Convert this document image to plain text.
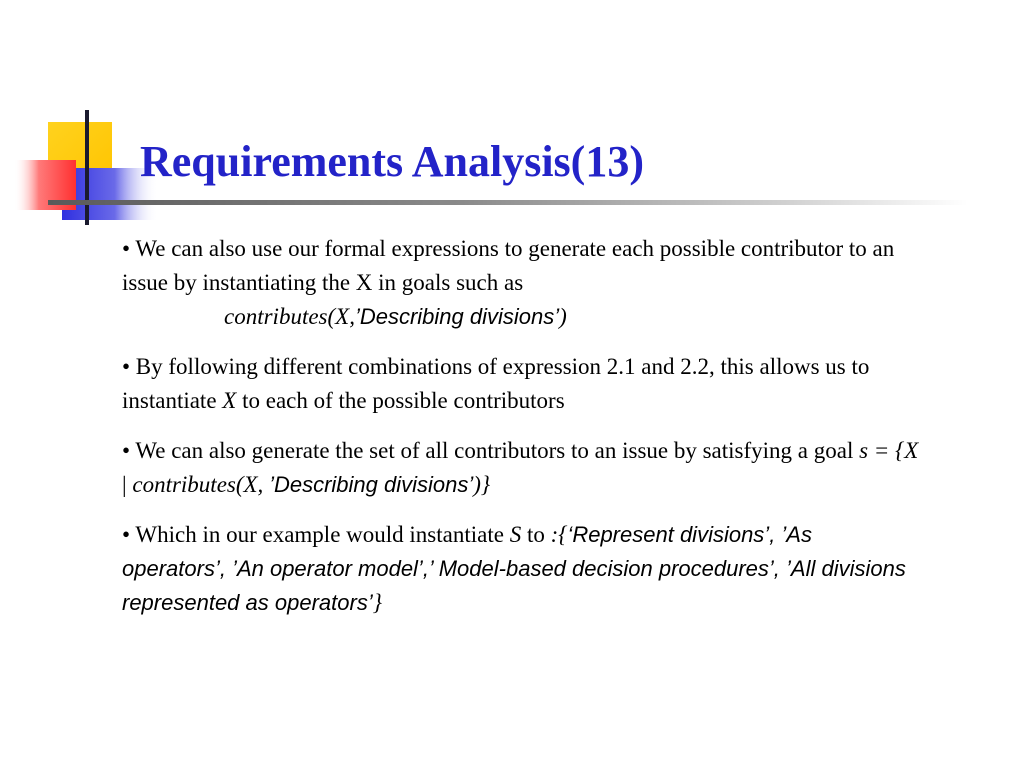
Requirements Analysis(13)

• We can also use our formal expressions to generate each possible contributor to an issue by instantiating the X in goals such as
contributes(X,’Describing divisions’)

• By following different combinations of expression 2.1 and 2.2, this allows us to instantiate X to each of the possible contributors

• We can also generate the set of all contributors to an issue by satisfying a goal s = {X | contributes(X, ’Describing divisions’)}

• Which in our example would instantiate S to :{‘Represent divisions’, ’As operators’, ’An operator model’,’ Model-based decision procedures’, ’All divisions represented as operators’}
